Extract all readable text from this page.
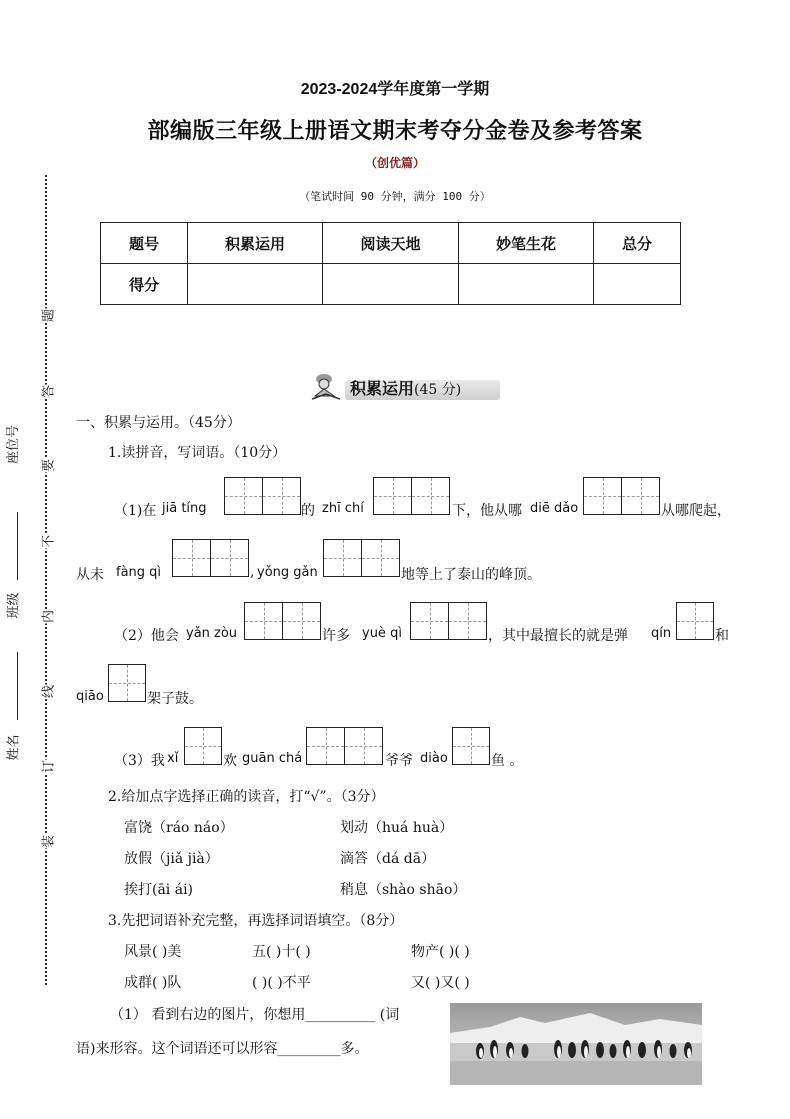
2023-2024学年度第一学期
部编版三年级上册语文期末考夺分金卷及参考答案
（创优篇）
（笔试时间 90 分钟，满分 100 分）
题号	积累运用	阅读天地	妙笔生花	总分
得分				
题
答
要
不
内
线
订
装
座位号
班级
姓名
积累运用(45 分)
一、积累与运用。（45分）
1.读拼音，写词语。（10分）
（1)在 jiā tíng	的 zhī chí	下，他从哪 diē dǎo	从哪爬起，
从未 fàng qì	, yǒng gǎn	地等上了泰山的峰顶。
（2）他会 yǎn zòu	许多 yuè qì	，其中最擅长的就是弹 qín	和
qiāo	架子鼓。
（3）我 xǐ	欢 guān chá	爷爷 diào	鱼 。
2.给加点字选择正确的读音，打“√”。（3分）
富饶（ráo náo）	划动（huá huà）
放假（jiǎ jià）	滴答（dá dā）
挨打(āi ái)	稍息（shào shāo）
3.先把词语补充完整，再选择词语填空。（8分）
风景( )美	五( )十( )	物产( )( )
成群( )队	( )( )不平	又( )又( )
（1） 看到右边的图片，你想用__________ (词
语)来形容。这个词语还可以形容_________多。
